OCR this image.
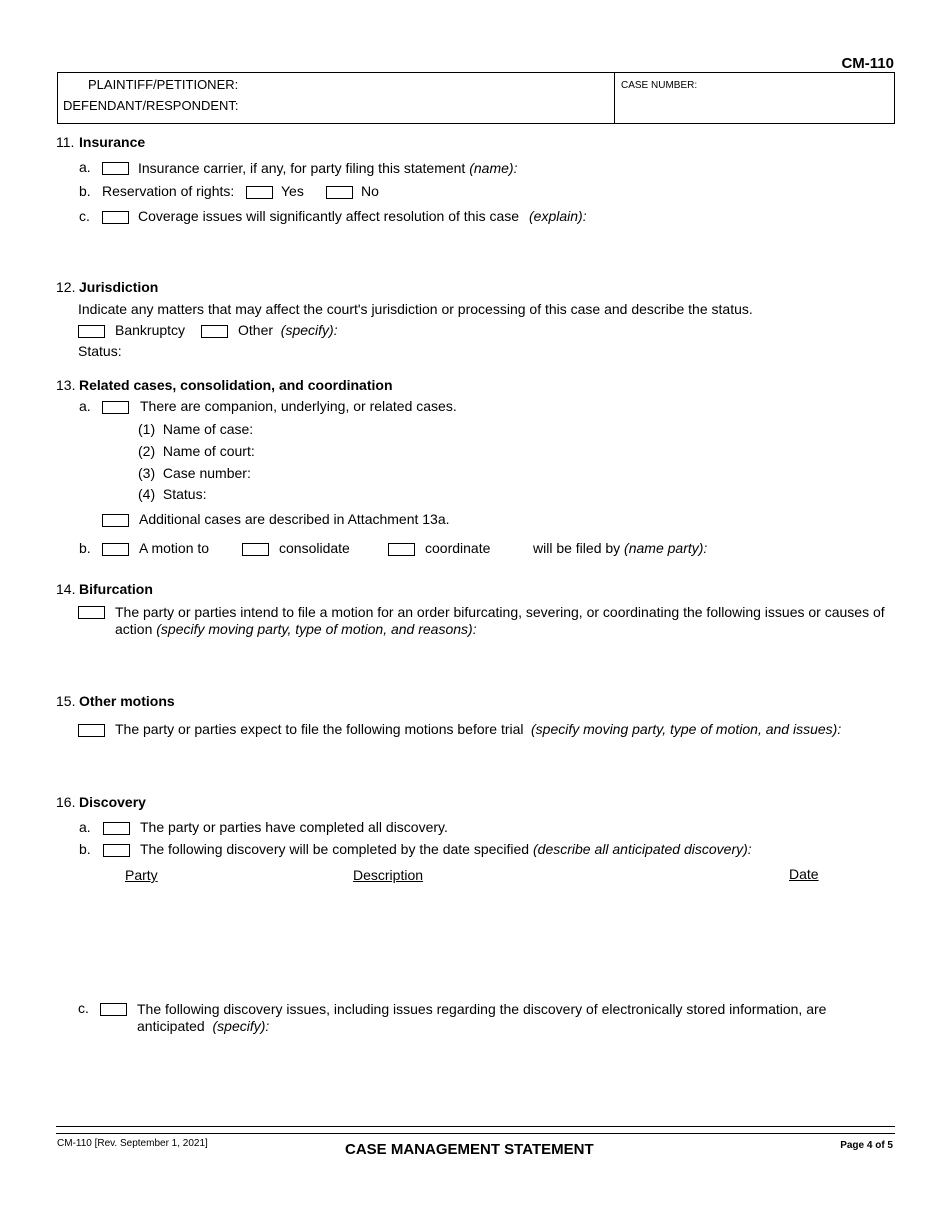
CM-110
PLAINTIFF/PETITIONER:
DEFENDANT/RESPONDENT:
CASE NUMBER:
11. Insurance
a.	Insurance carrier, if any, for party filing this statement (name):
b. Reservation of rights:	Yes	No
c.	Coverage issues will significantly affect resolution of this case (explain):
12. Jurisdiction
Indicate any matters that may affect the court's jurisdiction or processing of this case and describe the status.
Bankruptcy	Other (specify):
Status:
13. Related cases, consolidation, and coordination
a.	There are companion, underlying, or related cases.
(1) Name of case:
(2) Name of court:
(3) Case number:
(4) Status:
Additional cases are described in Attachment 13a.
b.	A motion to	consolidate	coordinate	will be filed by (name party):
14. Bifurcation
The party or parties intend to file a motion for an order bifurcating, severing, or coordinating the following issues or causes of action (specify moving party, type of motion, and reasons):
15. Other motions
The party or parties expect to file the following motions before trial (specify moving party, type of motion, and issues):
16. Discovery
a.	The party or parties have completed all discovery.
b.	The following discovery will be completed by the date specified (describe all anticipated discovery):
Party	Description	Date
c.	The following discovery issues, including issues regarding the discovery of electronically stored information, are anticipated (specify):
CM-110 [Rev. September 1, 2021]	CASE MANAGEMENT STATEMENT	Page 4 of 5
